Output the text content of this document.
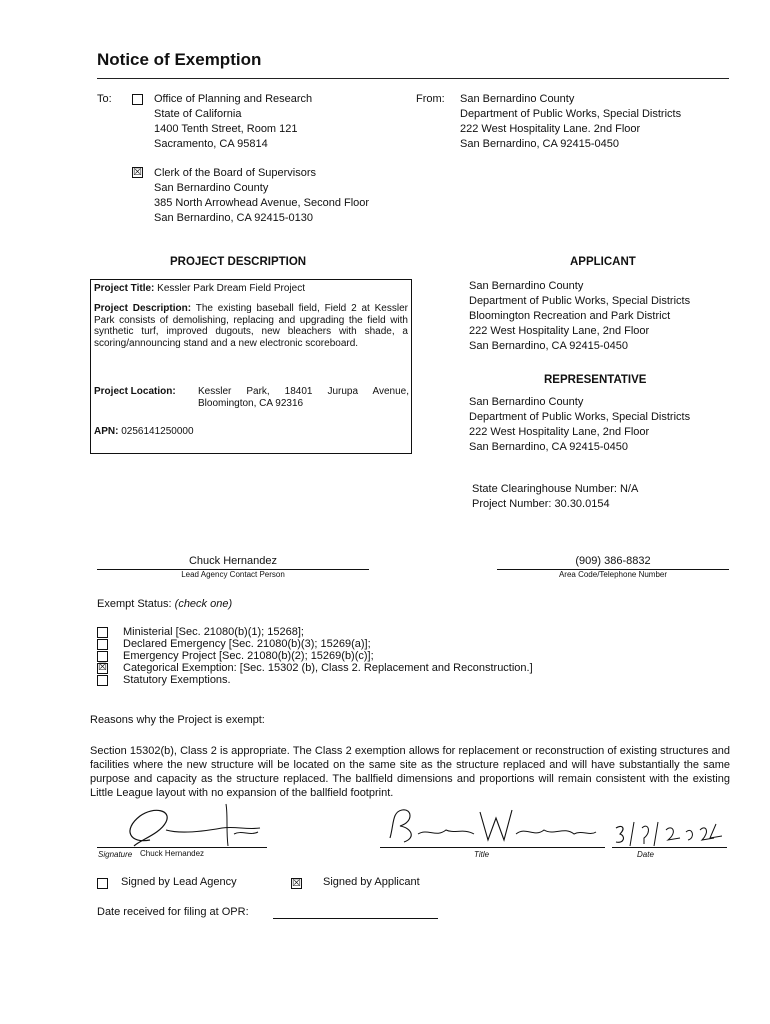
Notice of Exemption
To:	Office of Planning and Research
State of California
1400 Tenth Street, Room 121
Sacramento, CA 95814
☒ Clerk of the Board of Supervisors
San Bernardino County
385 North Arrowhead Avenue, Second Floor
San Bernardino, CA 92415-0130
From: San Bernardino County
Department of Public Works, Special Districts
222 West Hospitality Lane. 2nd Floor
San Bernardino, CA 92415-0450
PROJECT DESCRIPTION
Project Title: Kessler Park Dream Field Project
Project Description: The existing baseball field, Field 2 at Kessler Park consists of demolishing, replacing and upgrading the field with synthetic turf, improved dugouts, new bleachers with shade, a scoring/announcing stand and a new electronic scoreboard.
Project Location: Kessler Park, 18401 Jurupa Avenue,
Bloomington, CA 92316
APN: 0256141250000
APPLICANT
San Bernardino County
Department of Public Works, Special Districts
Bloomington Recreation and Park District
222 West Hospitality Lane, 2nd Floor
San Bernardino, CA 92415-0450
REPRESENTATIVE
San Bernardino County
Department of Public Works, Special Districts
222 West Hospitality Lane, 2nd Floor
San Bernardino, CA 92415-0450
State Clearinghouse Number: N/A
Project Number: 30.30.0154
Chuck Hernandez
Lead Agency Contact Person
(909) 386-8832
Area Code/Telephone Number
Exempt Status: (check one)
Ministerial [Sec. 21080(b)(1); 15268];
Declared Emergency [Sec. 21080(b)(3); 15269(a)];
Emergency Project [Sec. 21080(b)(2); 15269(b)(c)];
☒ Categorical Exemption: [Sec. 15302 (b), Class 2. Replacement and Reconstruction.]
Statutory Exemptions.
Reasons why the Project is exempt:
Section 15302(b), Class 2 is appropriate. The Class 2 exemption allows for replacement or reconstruction of existing structures and facilities where the new structure will be located on the same site as the structure replaced and will have substantially the same purpose and capacity as the structure replaced. The ballfield dimensions and proportions will remain consistent with the existing Little League layout with no expansion of the ballfield footprint.
Signature Chuck Hernandez	Title	Date
Signed by Lead Agency	☒ Signed by Applicant
Date received for filing at OPR:
